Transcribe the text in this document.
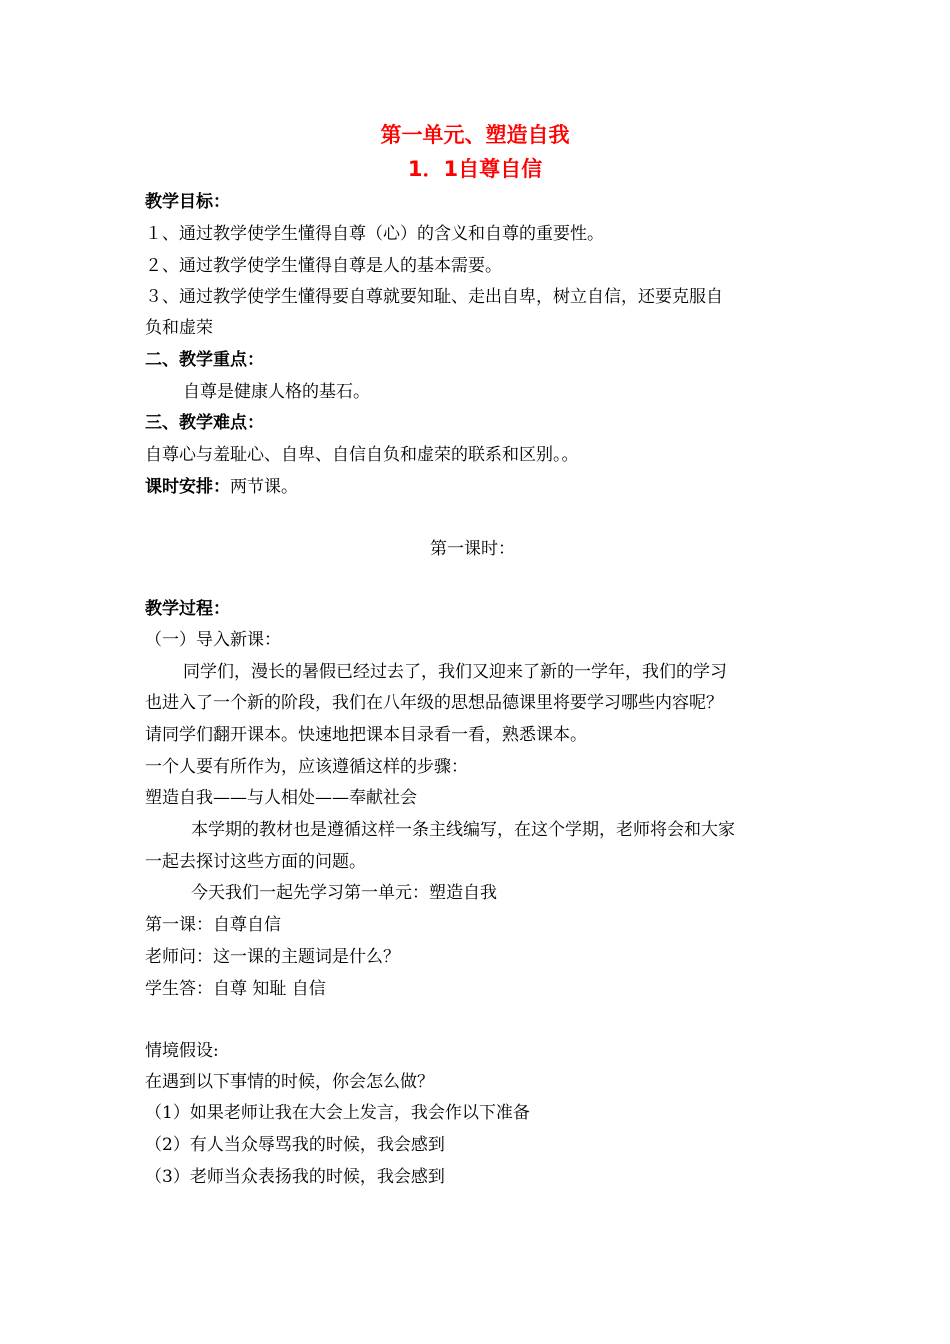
第一单元、塑造自我
1．1自尊自信
教学目标：
１、通过教学使学生懂得自尊（心）的含义和自尊的重要性。
２、通过教学使学生懂得自尊是人的基本需要。
３、通过教学使学生懂得要自尊就要知耻、走出自卑，树立自信，还要克服自
负和虚荣
二、教学重点：
自尊是健康人格的基石。
三、教学难点：
自尊心与羞耻心、自卑、自信自负和虚荣的联系和区别。。
课时安排：两节课。
第一课时：
教学过程：
（一）导入新课：
同学们，漫长的暑假已经过去了，我们又迎来了新的一学年，我们的学习
也进入了一个新的阶段，我们在八年级的思想品德课里将要学习哪些内容呢？
请同学们翻开课本。快速地把课本目录看一看，熟悉课本。
一个人要有所作为，应该遵循这样的步骤：
塑造自我——与人相处——奉献社会
本学期的教材也是遵循这样一条主线编写，在这个学期，老师将会和大家
一起去探讨这些方面的问题。
今天我们一起先学习第一单元：塑造自我
第一课：自尊自信
老师问：这一课的主题词是什么？
学生答：自尊 知耻 自信
情境假设:
在遇到以下事情的时候，你会怎么做？
（1）如果老师让我在大会上发言，我会作以下准备
（2）有人当众辱骂我的时候，我会感到
（3）老师当众表扬我的时候，我会感到
